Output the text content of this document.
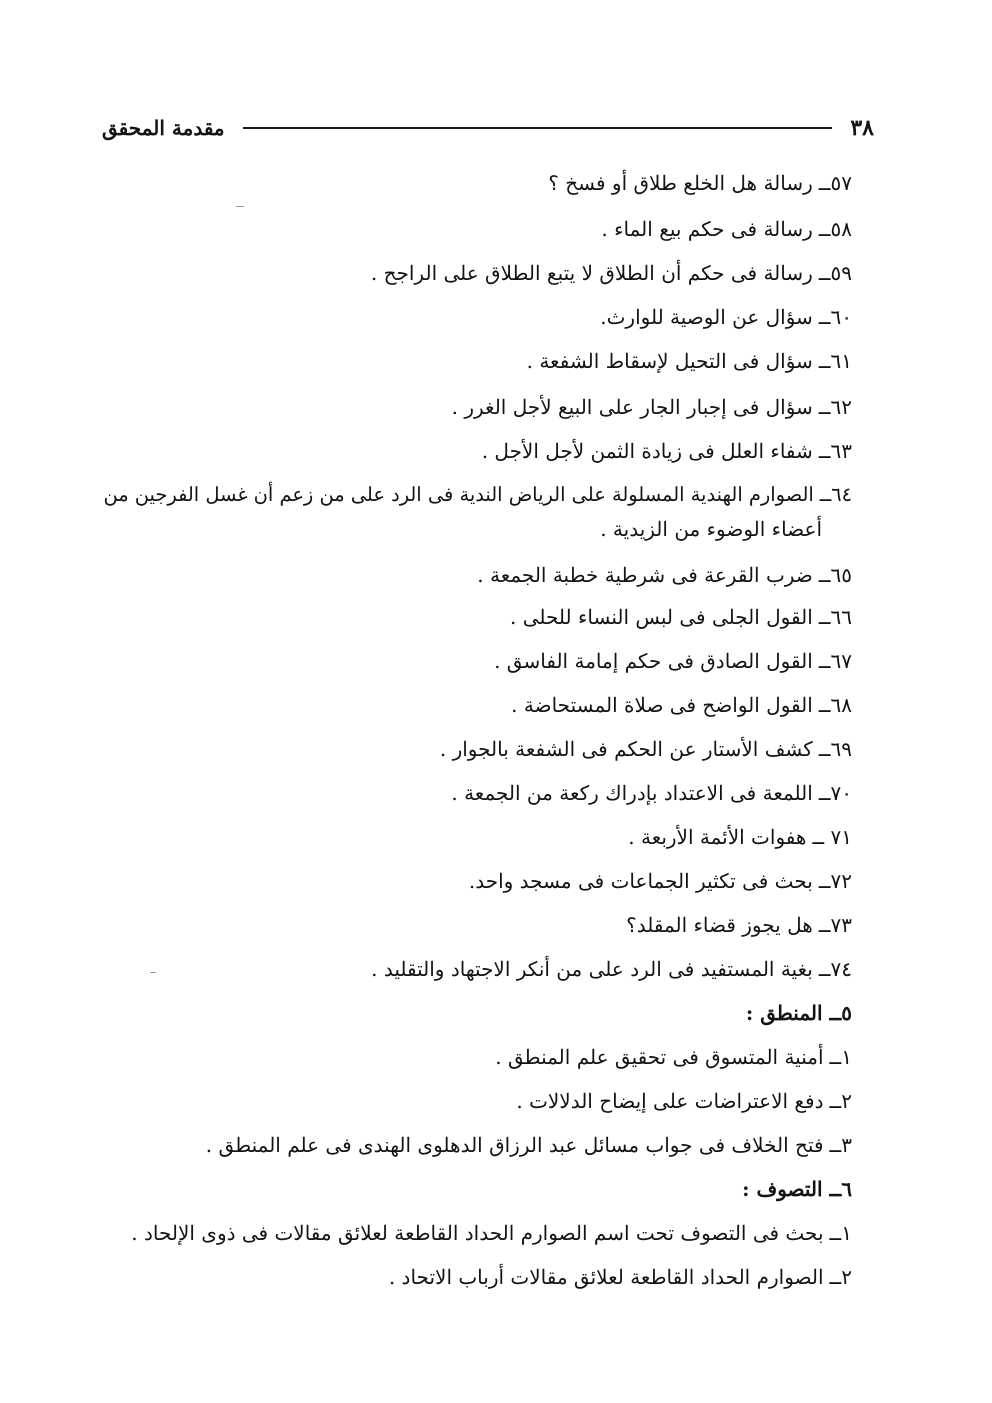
٣٨
مقدمة المحقق
٥٧ــرسالة هل الخلع طلاق أو فسخ ؟
٥٨ــرسالة فى حكم بيع الماء .
٥٩ــرسالة فى حكم أن الطلاق لا يتبع الطلاق على الراجح .
٦٠ــسؤال عن الوصية للوارث.
٦١ــسؤال فى التحيل لإسقاط الشفعة .
٦٢ــسؤال فى إجبار الجار على البيع لأجل الغرر .
٦٣ــشفاء العلل فى زيادة الثمن لأجل الأجل .
٦٤ــالصوارم الهندية المسلولة على الرياض الندية فى الرد على من زعم أن غسل الفرجين من
أعضاء الوضوء من الزيدية .
٦٥ــضرب القرعة فى شرطية خطبة الجمعة .
٦٦ــالقول الجلى فى لبس النساء للحلى .
٦٧ــالقول الصادق فى حكم إمامة الفاسق .
٦٨ــالقول الواضح فى صلاة المستحاضة .
٦٩ــكشف الأستار عن الحكم فى الشفعة بالجوار .
٧٠ــاللمعة فى الاعتداد بإدراك ركعة من الجمعة .
٧١ ــهفوات الأئمة الأربعة .
٧٢ــبحث فى تكثير الجماعات فى مسجد واحد.
٧٣ــهل يجوز قضاء المقلد؟
٧٤ــبغية المستفيد فى الرد على من أنكر الاجتهاد والتقليد .
٥ــ المنطق :
١ــأمنية المتسوق فى تحقيق علم المنطق .
٢ــدفع الاعتراضات على إيضاح الدلالات .
٣ــفتح الخلاف فى جواب مسائل عبد الرزاق الدهلوى الهندى فى علم المنطق .
٦ــ التصوف :
١ــبحث فى التصوف تحت اسم الصوارم الحداد القاطعة لعلائق مقالات فى ذوى الإلحاد .
٢ــالصوارم الحداد القاطعة لعلائق مقالات أرباب الاتحاد .
